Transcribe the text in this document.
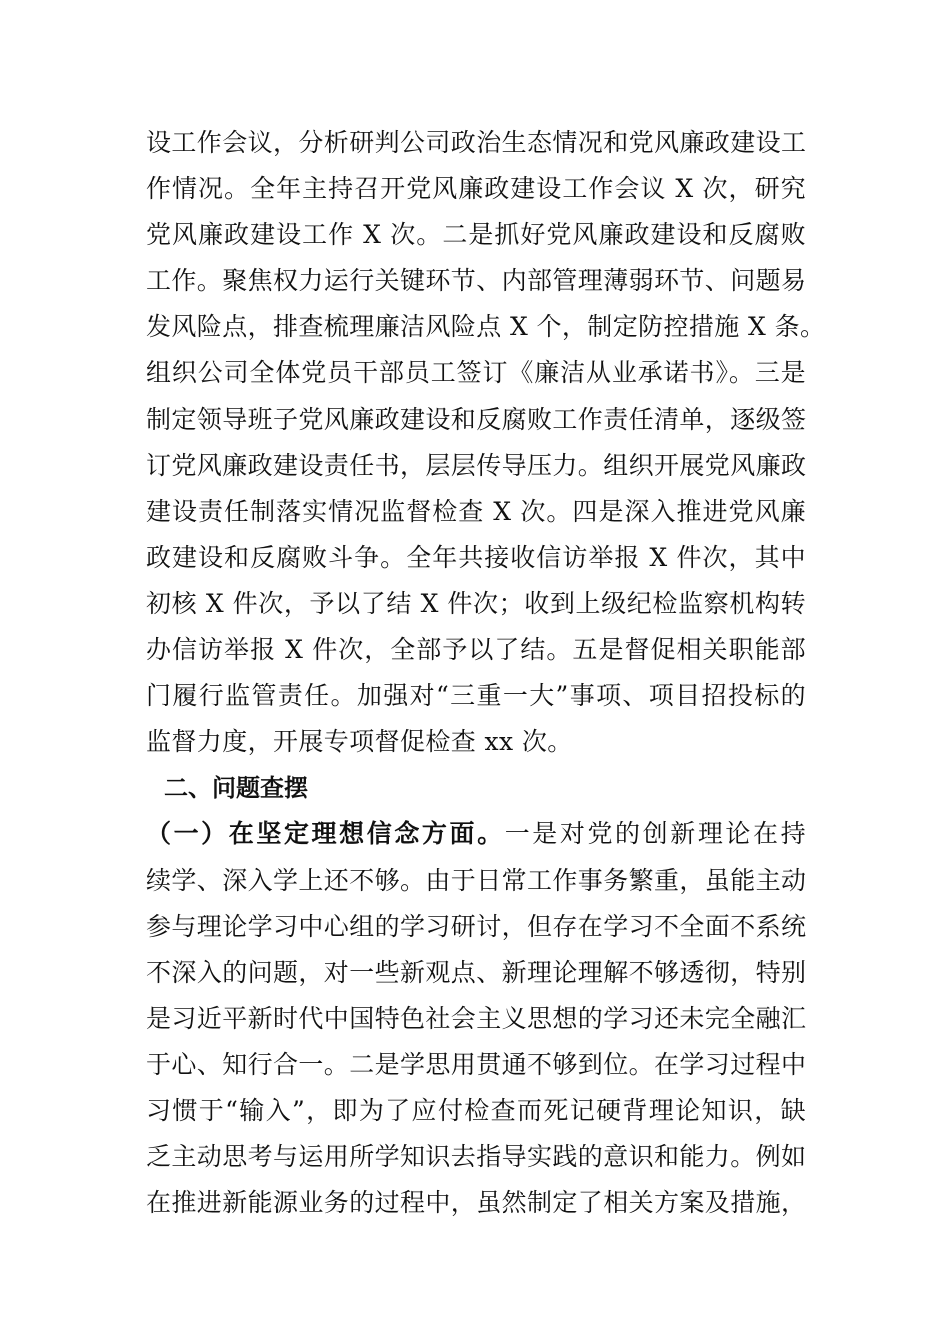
设工作会议，分析研判公司政治生态情况和党风廉政建设工
作情况。全年主持召开党风廉政建设工作会议 X 次，研究
党风廉政建设工作 X 次。二是抓好党风廉政建设和反腐败
工作。聚焦权力运行关键环节、内部管理薄弱环节、问题易
发风险点，排查梳理廉洁风险点 X 个，制定防控措施 X 条。
组织公司全体党员干部员工签订《廉洁从业承诺书》。三是
制定领导班子党风廉政建设和反腐败工作责任清单，逐级签
订党风廉政建设责任书，层层传导压力。组织开展党风廉政
建设责任制落实情况监督检查 X 次。四是深入推进党风廉
政建设和反腐败斗争。全年共接收信访举报 X 件次，其中
初核 X 件次，予以了结 X 件次；收到上级纪检监察机构转
办信访举报 X 件次，全部予以了结。五是督促相关职能部
门履行监管责任。加强对“三重一大”事项、项目招投标的
监督力度，开展专项督促检查 xx 次。
二、问题查摆
（一）在坚定理想信念方面。一是对党的创新理论在持
续学、深入学上还不够。由于日常工作事务繁重，虽能主动
参与理论学习中心组的学习研讨，但存在学习不全面不系统
不深入的问题，对一些新观点、新理论理解不够透彻，特别
是习近平新时代中国特色社会主义思想的学习还未完全融汇
于心、知行合一。二是学思用贯通不够到位。在学习过程中
习惯于“输入”，即为了应付检查而死记硬背理论知识，缺
乏主动思考与运用所学知识去指导实践的意识和能力。例如
在推进新能源业务的过程中，虽然制定了相关方案及措施，
